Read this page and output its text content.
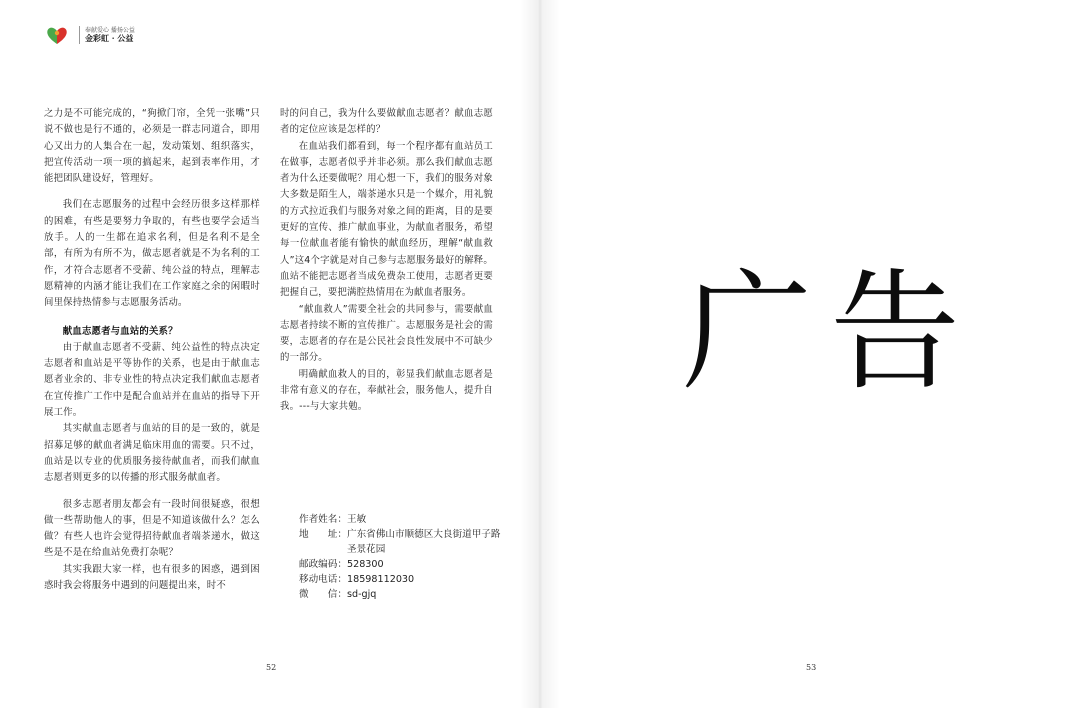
奉献爱心 播扬公益
金彩虹 · 公益

之力是不可能完成的，“狗掀门帘，全凭一张嘴”只说不做也是行不通的，必须是一群志同道合，即用心又出力的人集合在一起，发动策划、组织落实，把宣传活动一项一项的搞起来，起到表率作用，才能把团队建设好，管理好。

我们在志愿服务的过程中会经历很多这样那样的困难，有些是要努力争取的，有些也要学会适当放手。人的一生都在追求名利，但是名利不是全部，有所为有所不为，做志愿者就是不为名利的工作，才符合志愿者不受薪、纯公益的特点，理解志愿精神的内涵才能让我们在工作家庭之余的闲暇时间里保持热情参与志愿服务活动。

献血志愿者与血站的关系？

由于献血志愿者不受薪、纯公益性的特点决定志愿者和血站是平等协作的关系，也是由于献血志愿者业余的、非专业性的特点决定我们献血志愿者在宣传推广工作中是配合血站并在血站的指导下开展工作。

其实献血志愿者与血站的目的是一致的，就是招募足够的献血者满足临床用血的需要。只不过，血站是以专业的优质服务接待献血者，而我们献血志愿者则更多的以传播的形式服务献血者。

很多志愿者朋友都会有一段时间很疑惑，很想做一些帮助他人的事，但是不知道该做什么？怎么做？有些人也许会觉得招待献血者端茶递水，做这些是不是在给血站免费打杂呢？

其实我跟大家一样，也有很多的困惑，遇到困惑时我会将服务中遇到的问题提出来，时不

时的问自己，我为什么要做献血志愿者？献血志愿者的定位应该是怎样的？

在血站我们都看到，每一个程序都有血站员工在做事，志愿者似乎并非必须。那么我们献血志愿者为什么还要做呢？用心想一下，我们的服务对象大多数是陌生人，端茶递水只是一个媒介，用礼貌的方式拉近我们与服务对象之间的距离，目的是要更好的宣传、推广献血事业，为献血者服务，希望每一位献血者能有愉快的献血经历，理解“献血救人”这4个字就是对自己参与志愿服务最好的解释。血站不能把志愿者当成免费杂工使用，志愿者更要把握自己，要把满腔热情用在为献血者服务。

“献血救人”需要全社会的共同参与，需要献血志愿者持续不断的宣传推广。志愿服务是社会的需要，志愿者的存在是公民社会良性发展中不可缺少的一部分。

明确献血救人的目的，彰显我们献血志愿者是非常有意义的存在，奉献社会，服务他人，提升自我。---与大家共勉。

作者姓名： 王敏
地　　址： 广东省佛山市顺德区大良街道甲子路圣景花园
邮政编码： 528300
移动电话： 18598112030
微　　信： sd-gjq
52	53
广告
